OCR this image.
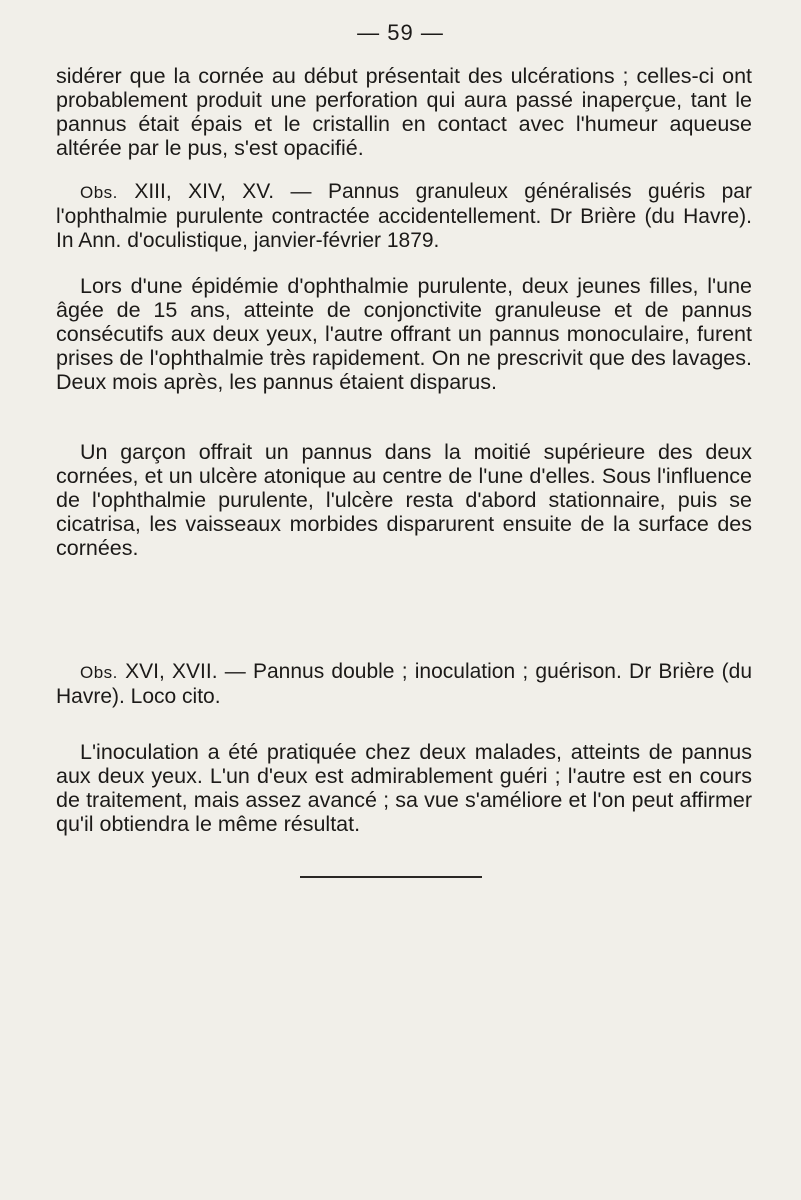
— 59 —

sidérer que la cornée au début présentait des ulcérations ; celles-ci ont probablement produit une perforation qui aura passé inaperçue, tant le pannus était épais et le cristallin en contact avec l'humeur aqueuse altérée par le pus, s'est opacifié.

Obs. XIII, XIV, XV. — Pannus granuleux généralisés guéris par l'ophthalmie purulente contractée accidentellement. Dr Brière (du Havre). In Ann. d'oculistique, janvier-février 1879.

Lors d'une épidémie d'ophthalmie purulente, deux jeunes filles, l'une âgée de 15 ans, atteinte de conjonctivite granuleuse et de pannus consécutifs aux deux yeux, l'autre offrant un pannus monoculaire, furent prises de l'ophthalmie très rapidement. On ne prescrivit que des lavages. Deux mois après, les pannus étaient disparus.

Un garçon offrait un pannus dans la moitié supérieure des deux cornées, et un ulcère atonique au centre de l'une d'elles. Sous l'influence de l'ophthalmie purulente, l'ulcère resta d'abord stationnaire, puis se cicatrisa, les vaisseaux morbides disparurent ensuite de la surface des cornées.

Obs. XVI, XVII. — Pannus double ; inoculation ; guérison. Dr Brière (du Havre). Loco cito.

L'inoculation a été pratiquée chez deux malades, atteints de pannus aux deux yeux. L'un d'eux est admirablement guéri ; l'autre est en cours de traitement, mais assez avancé ; sa vue s'améliore et l'on peut affirmer qu'il obtiendra le même résultat.
